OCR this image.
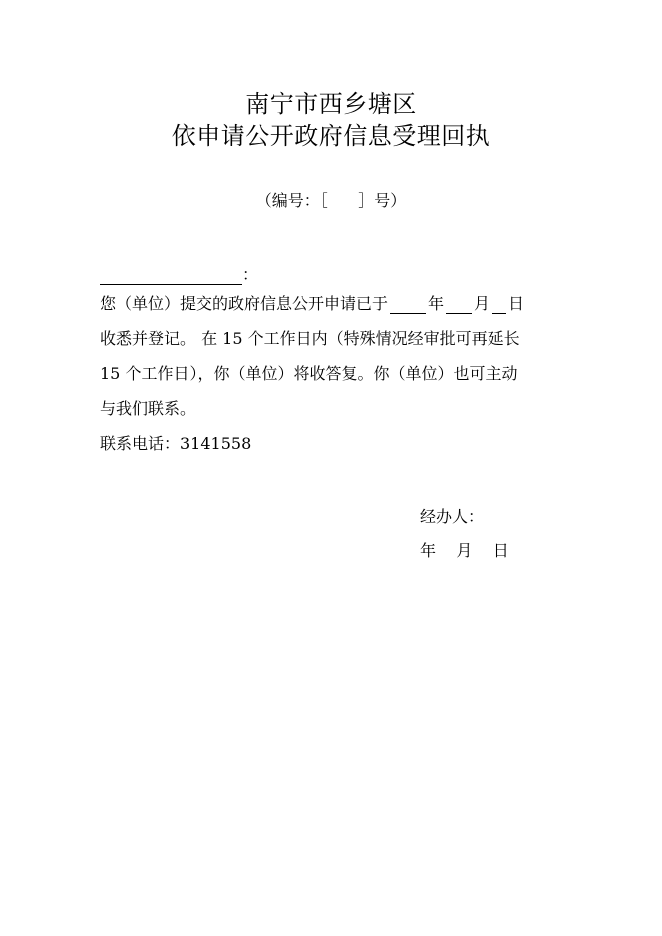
南宁市西乡塘区
依申请公开政府信息受理回执
（编号：［      ］号）
：
您（单位）提交的政府信息公开申请已于	年 月 日
收悉并登记。 在 15 个工作日内（特殊情况经审批可再延长
15 个工作日），你（单位）将收答复。你（单位）也可主动
与我们联系。
联系电话：3141558
经办人：
年    月    日
